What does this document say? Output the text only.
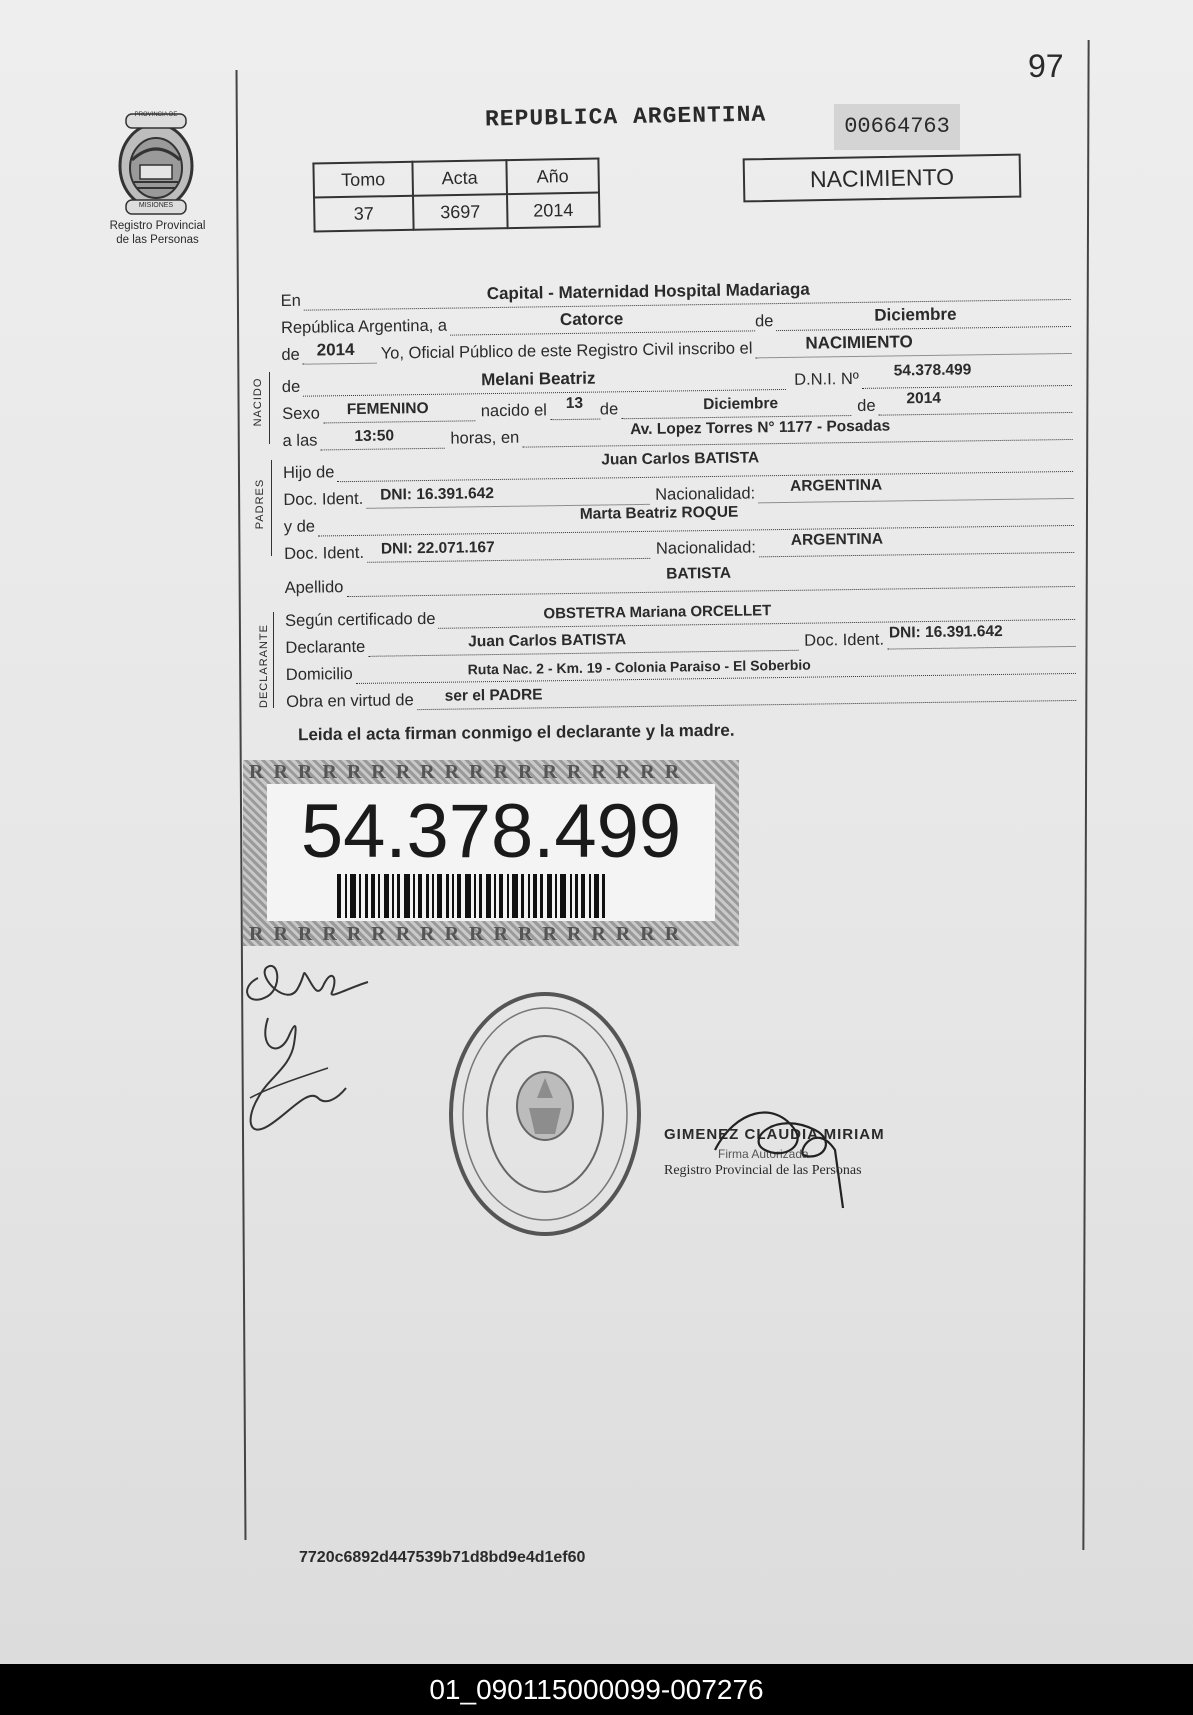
97
PROVINCIA DE
MISIONES
Registro Provincial
de las Personas
REPUBLICA ARGENTINA	00664763
Tomo	Acta	Año
37	3697	2014
NACIMIENTO
NACIDO
PADRES
DECLARANTE
En	Capital - Maternidad Hospital Madariaga
República Argentina, a	Catorce	de	Diciembre
de 2014 Yo, Oficial Público de este Registro Civil inscribo el	NACIMIENTO
de	Melani Beatriz	D.N.I. Nº 54.378.499
Sexo FEMENINO	nacido el 13 de	Diciembre	de 2014
a las 13:50	horas, en
Av. Lopez Torres N° 1177 - Posadas
Hijo de
Juan Carlos BATISTA
Doc. Ident. DNI: 16.391.642	Nacionalidad: ARGENTINA
y de
Marta Beatriz ROQUE
Doc. Ident. DNI: 22.071.167	Nacionalidad: ARGENTINA
Apellido
BATISTA
Según certificado de	OBSTETRA Mariana ORCELLET
Declarante	Juan Carlos BATISTA	Doc. Ident. DNI: 16.391.642
Domicilio	Ruta Nac. 2 - Km. 19 - Colonia Paraiso - El Soberbio
Obra en virtud de ser el PADRE
Leida el acta firman conmigo el declarante y la madre.
R R R R R R R R R R R R R R R R R R
R R R R R R R R R R R R R R R R R R
54.378.499
GIMENEZ CLAUDIA MIRIAM
Firma Autorizada
Registro Provincial de las Personas
7720c6892d447539b71d8bd9e4d1ef60
01_090115000099-007276
